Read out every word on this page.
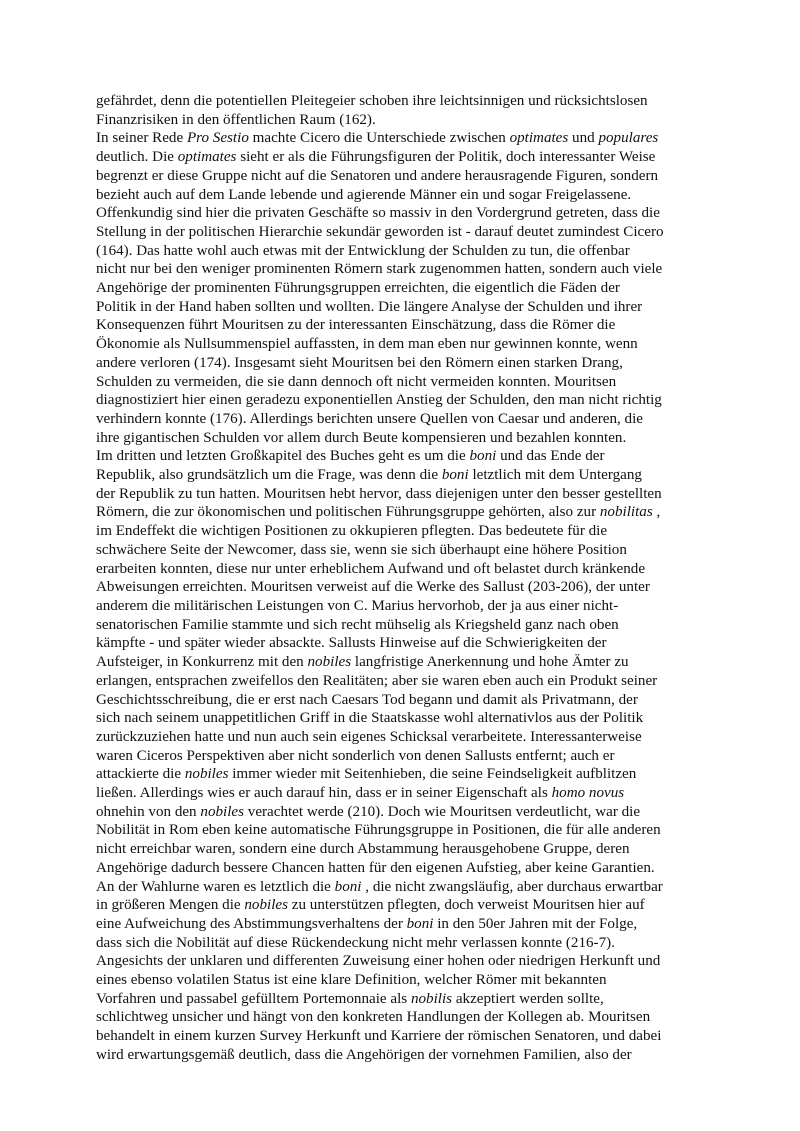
gefährdet, denn die potentiellen Pleitegeier schoben ihre leichtsinnigen und rücksichtslosen
Finanzrisiken in den öffentlichen Raum (162).
In seiner Rede Pro Sestio machte Cicero die Unterschiede zwischen optimates und populares
deutlich. Die optimates sieht er als die Führungsfiguren der Politik, doch interessanter Weise
begrenzt er diese Gruppe nicht auf die Senatoren und andere herausragende Figuren, sondern
bezieht auch auf dem Lande lebende und agierende Männer ein und sogar Freigelassene.
Offenkundig sind hier die privaten Geschäfte so massiv in den Vordergrund getreten, dass die
Stellung in der politischen Hierarchie sekundär geworden ist - darauf deutet zumindest Cicero
(164). Das hatte wohl auch etwas mit der Entwicklung der Schulden zu tun, die offenbar
nicht nur bei den weniger prominenten Römern stark zugenommen hatten, sondern auch viele
Angehörige der prominenten Führungsgruppen erreichten, die eigentlich die Fäden der
Politik in der Hand haben sollten und wollten. Die längere Analyse der Schulden und ihrer
Konsequenzen führt Mouritsen zu der interessanten Einschätzung, dass die Römer die
Ökonomie als Nullsummenspiel auffassten, in dem man eben nur gewinnen konnte, wenn
andere verloren (174). Insgesamt sieht Mouritsen bei den Römern einen starken Drang,
Schulden zu vermeiden, die sie dann dennoch oft nicht vermeiden konnten. Mouritsen
diagnostiziert hier einen geradezu exponentiellen Anstieg der Schulden, den man nicht richtig
verhindern konnte (176). Allerdings berichten unsere Quellen von Caesar und anderen, die
ihre gigantischen Schulden vor allem durch Beute kompensieren und bezahlen konnten.
Im dritten und letzten Großkapitel des Buches geht es um die boni und das Ende der
Republik, also grundsätzlich um die Frage, was denn die boni letztlich mit dem Untergang
der Republik zu tun hatten. Mouritsen hebt hervor, dass diejenigen unter den besser gestellten
Römern, die zur ökonomischen und politischen Führungsgruppe gehörten, also zur nobilitas ,
im Endeffekt die wichtigen Positionen zu okkupieren pflegten. Das bedeutete für die
schwächere Seite der Newcomer, dass sie, wenn sie sich überhaupt eine höhere Position
erarbeiten konnten, diese nur unter erheblichem Aufwand und oft belastet durch kränkende
Abweisungen erreichten. Mouritsen verweist auf die Werke des Sallust (203-206), der unter
anderem die militärischen Leistungen von C. Marius hervorhob, der ja aus einer nicht-
senatorischen Familie stammte und sich recht mühselig als Kriegsheld ganz nach oben
kämpfte - und später wieder absackte. Sallusts Hinweise auf die Schwierigkeiten der
Aufsteiger, in Konkurrenz mit den nobiles langfristige Anerkennung und hohe Ämter zu
erlangen, entsprachen zweifellos den Realitäten; aber sie waren eben auch ein Produkt seiner
Geschichtsschreibung, die er erst nach Caesars Tod begann und damit als Privatmann, der
sich nach seinem unappetitlichen Griff in die Staatskasse wohl alternativlos aus der Politik
zurückzuziehen hatte und nun auch sein eigenes Schicksal verarbeitete. Interessanterweise
waren Ciceros Perspektiven aber nicht sonderlich von denen Sallusts entfernt; auch er
attackierte die nobiles immer wieder mit Seitenhieben, die seine Feindseligkeit aufblitzen
ließen. Allerdings wies er auch darauf hin, dass er in seiner Eigenschaft als homo novus
ohnehin von den nobiles verachtet werde (210). Doch wie Mouritsen verdeutlicht, war die
Nobilität in Rom eben keine automatische Führungsgruppe in Positionen, die für alle anderen
nicht erreichbar waren, sondern eine durch Abstammung herausgehobene Gruppe, deren
Angehörige dadurch bessere Chancen hatten für den eigenen Aufstieg, aber keine Garantien.
An der Wahlurne waren es letztlich die boni , die nicht zwangsläufig, aber durchaus erwartbar
in größeren Mengen die nobiles zu unterstützen pflegten, doch verweist Mouritsen hier auf
eine Aufweichung des Abstimmungsverhaltens der boni in den 50er Jahren mit der Folge,
dass sich die Nobilität auf diese Rückendeckung nicht mehr verlassen konnte (216-7).
Angesichts der unklaren und differenten Zuweisung einer hohen oder niedrigen Herkunft und
eines ebenso volatilen Status ist eine klare Definition, welcher Römer mit bekannten
Vorfahren und passabel gefülltem Portemonnaie als nobilis akzeptiert werden sollte,
schlichtweg unsicher und hängt von den konkreten Handlungen der Kollegen ab. Mouritsen
behandelt in einem kurzen Survey Herkunft und Karriere der römischen Senatoren, und dabei
wird erwartungsgemäß deutlich, dass die Angehörigen der vornehmen Familien, also der
